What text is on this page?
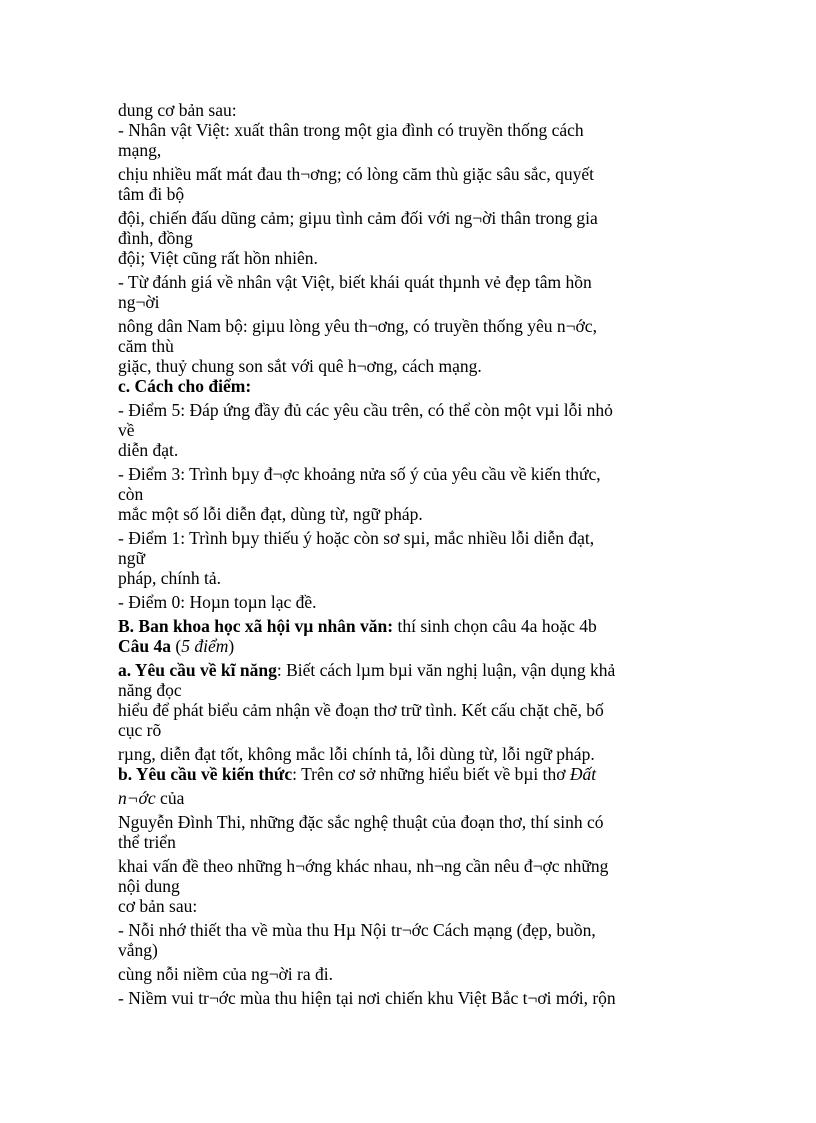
dung cơ bản sau:
- Nhân vật Việt: xuất thân trong một gia đình có truyền thống cách
mạng,
chịu nhiều mất mát đau th¬ơng; có lòng căm thù giặc sâu sắc, quyết
tâm đi bộ
đội, chiến đấu dũng cảm; giµu tình cảm đối với ng¬ời thân trong gia
đình, đồng
đội; Việt cũng rất hồn nhiên.
- Từ đánh giá về nhân vật Việt, biết khái quát thµnh vẻ đẹp tâm hồn
ng¬ời
nông dân Nam bộ: giµu lòng yêu th¬ơng, có truyền thống yêu n¬ớc,
căm thù
giặc, thuỷ chung son sắt với quê h¬ơng, cách mạng.
c. Cách cho điểm:
- Điểm 5: Đáp ứng đầy đủ các yêu cầu trên, có thể còn một vµi lỗi nhỏ
về
diễn đạt.
- Điểm 3: Trình bµy đ¬ợc khoảng nửa số ý của yêu cầu về kiến thức,
còn
mắc một số lỗi diễn đạt, dùng từ, ngữ pháp.
- Điểm 1: Trình bµy thiếu ý hoặc còn sơ sµi, mắc nhiều lỗi diễn đạt,
ngữ
pháp, chính tả.
- Điểm 0: Hoµn toµn lạc đề.
B. Ban khoa học xã hội vµ nhân văn: thí sinh chọn câu 4a hoặc 4b
Câu 4a (5 điểm)
a. Yêu cầu về kĩ năng: Biết cách lµm bµi văn nghị luận, vận dụng khả
năng đọc
hiểu để phát biểu cảm nhận về đoạn thơ trữ tình. Kết cấu chặt chẽ, bố
cục rõ
rµng, diễn đạt tốt, không mắc lỗi chính tả, lỗi dùng từ, lỗi ngữ pháp.
b. Yêu cầu về kiến thức: Trên cơ sở những hiểu biết về bµi thơ Đất
n¬ớc của
Nguyễn Đình Thi, những đặc sắc nghệ thuật của đoạn thơ, thí sinh có
thể triển
khai vấn đề theo những h¬ớng khác nhau, nh¬ng cần nêu đ¬ợc những
nội dung
cơ bản sau:
- Nỗi nhớ thiết tha về mùa thu Hµ Nội tr¬ớc Cách mạng (đẹp, buồn,
vắng)
cùng nỗi niềm của ng¬ời ra đi.
- Niềm vui tr¬ớc mùa thu hiện tại nơi chiến khu Việt Bắc t¬ơi mới, rộn
